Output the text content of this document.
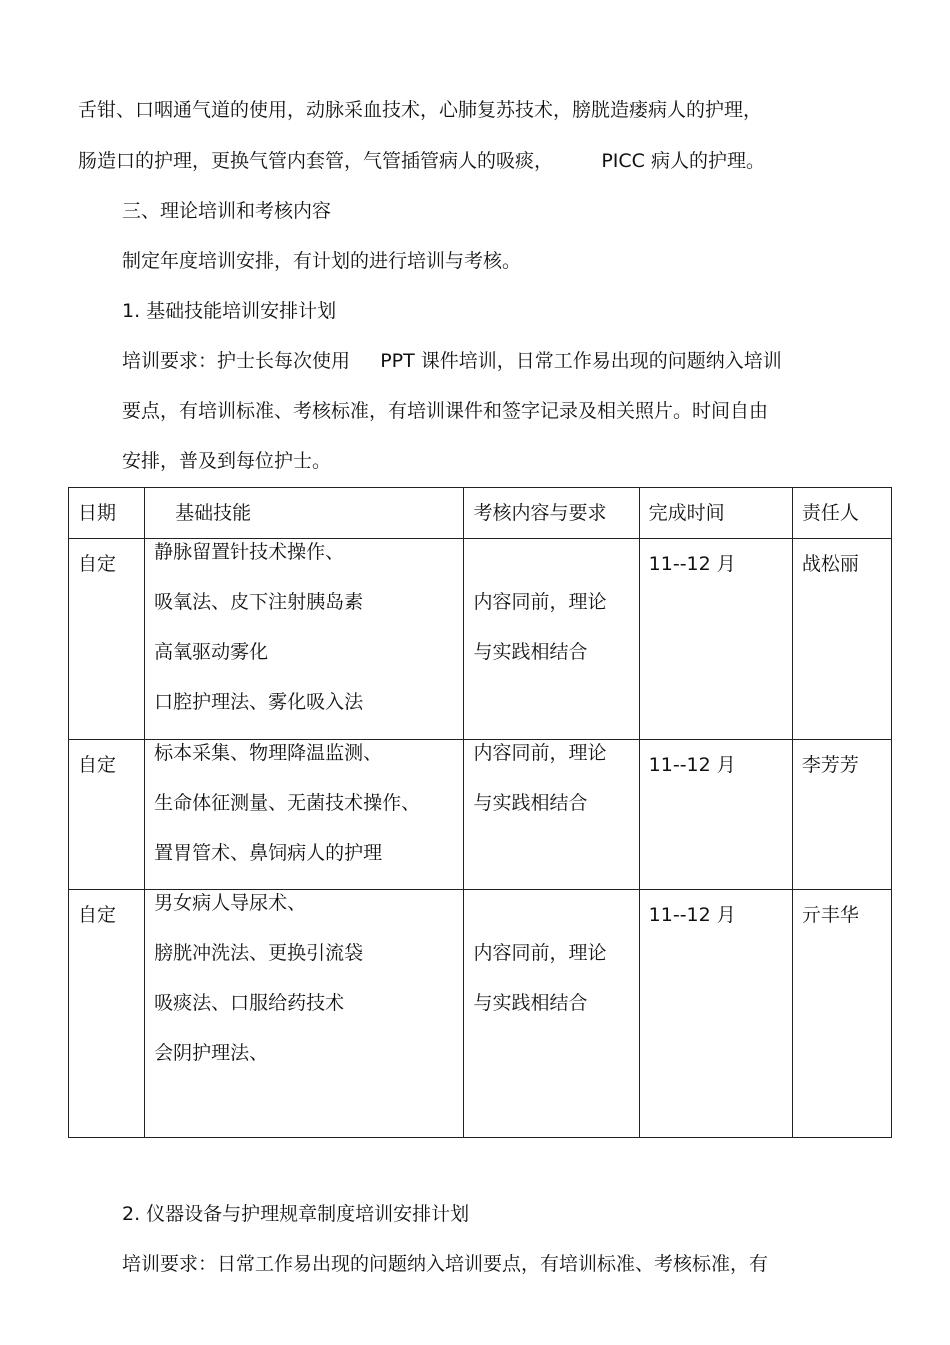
舌钳、口咽通气道的使用，动脉采血技术，心肺复苏技术，膀胱造瘘病人的护理，
肠造口的护理，更换气管内套管，气管插管病人的吸痰，        PICC 病人的护理。
三、理论培训和考核内容
制定年度培训安排，有计划的进行培训与考核。
1. 基础技能培训安排计划
培训要求：护士长每次使用     PPT 课件培训，日常工作易出现的问题纳入培训
要点，有培训标准、考核标准，有培训课件和签字记录及相关照片。时间自由
安排，普及到每位护士。
日期	基础技能	考核内容与要求	完成时间	责任人

自定	静脉留置针技术操作、
吸氧法、皮下注射胰岛素
高氧驱动雾化
口腔护理法、雾化吸入法	内容同前，理论
与实践相结合	11--12 月	战松丽

自定	标本采集、物理降温监测、
生命体征测量、无菌技术操作、
置胃管术、鼻饲病人的护理	内容同前，理论
与实践相结合	11--12 月	李芳芳

自定	男女病人导尿术、
膀胱冲洗法、更换引流袋
吸痰法、口服给药技术
会阴护理法、	内容同前，理论
与实践相结合	11--12 月	亓丰华
2. 仪器设备与护理规章制度培训安排计划
培训要求：日常工作易出现的问题纳入培训要点，有培训标准、考核标准，有
